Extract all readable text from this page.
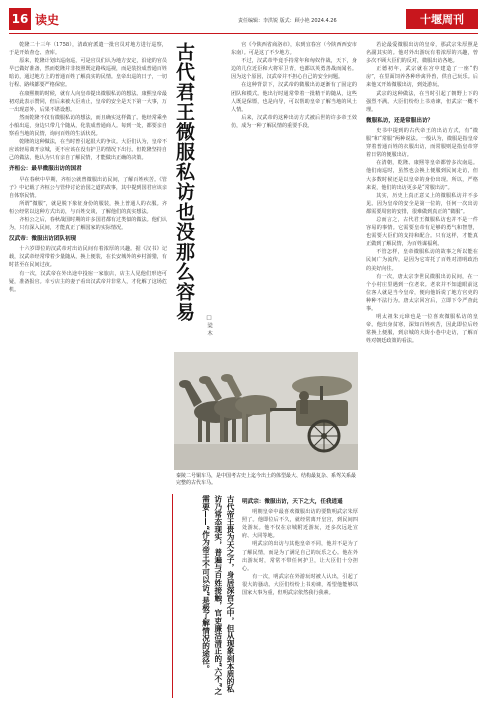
16 读史	责任编辑：李洪锐 版式：顾小艳 2024.4.26	十堰周刊

乾隆二十三年（1758），清政府派遣一批官员对地方进行巡察，于是开始查仓、查库。

原来，乾隆计划出巡南巡，可是官员们认为地方安定，沿途的官员早已做好准备，然而乾隆并非按照既定路线巡视，而是装扮成普通百姓暗访，通过地方上的普通百姓了解真实的民情。皇帝出巡的日子，一切行程、路线都要严格保密。

在康熙朝的时候，就有人向皇帝提出微服私访的想法。康熙皇帝最初对此表示赞同，但后来被大臣劝止，皇帝的安全是天下第一大事，万一出现意外，后果不堪设想。

然而乾隆不仅有微服私访的想法，而且确实这样做了。他经常乘坐小船出巡，身边只带几个随从，化装成普通商人。每到一处，都要亲自察看当地的民情，询问百姓的生活状况。

乾隆的这种做法，在当时曾引起很大的争议。大臣们认为，皇帝不应该轻易离开京城，更不应该在没有护卫的情况下出行。但乾隆坚持自己的做法，他认为只有亲自了解民情，才能做出正确的决策。

齐桓公：最早微服出访的国君

早在春秋中早期，齐桓公就曾微服出访民间，了解百姓疾苦。《管子》中记载了齐桓公与管仲讨论治国之道的故事，其中提到国君应该亲自体察民情。

所谓“微服”，就是脱下象征身份的服装，换上普通人的衣服。齐桓公经常以这种方式出访，与百姓交谈，了解他们的真实想法。

齐桓公之后，春秋战国时期的许多国君都有过类似的做法。他们认为，只有深入民间，才能真正了解国家的实际情况。

汉武帝：微服出访团队初现

十六岁即位的汉武帝对出访民间有着浓厚的兴趣。据《汉书》记载，汉武帝经常带着少量随从，换上便装，在长安城外的乡村游猎，有时甚至在民间过夜。

有一次，汉武帝在外出途中投宿一家旅店，店主人见他们形迹可疑，准备报官。幸亏店主的妻子看出汉武帝并非常人，才化解了这场危机。	古代君王微服私访也没那么容易
□ 梁 木

官《今陕西省商洛市》，东到宜春宫（今陕西西安市东南）。可是这了不少地方。

不过，汉武帝毕竟手持常年和匈奴作战，天下，身边的几位近臣和大将军卫青，也都以英勇善战而闻名。因为这个原因，汉武帝并不担心自己的安全问题。

在这种背景下，汉武帝的微服出访逐渐有了固定的团队和模式。他出行时通常带着一批精干的随从，这些人既是保镖，也是向导，可以帮助皇帝了解当地的风土人情。

后来，汉武帝的这种出访方式被后世的许多帝王效仿，成为一种了解民情的重要手段。

秦陵二号铜车马，是中国考古史上迄今出土的体型最大、结构最复杂、系驾关系最完整的古代车马。
古代帝王贵为天之子，身居深宫之中，但从现象到本质的私访乃常态现实，普遍与百姓接触，官吏廉洁清正的“六不”之需要——“作为帝王不可以访”是极了解情况的途径。	明武宗：微服出访，天下之大，任我逍遥

明朝皇帝中最喜欢微服出访的要数明武宗朱厚照了。他即位后不久，就经常离开皇宫，到民间四处游玩。他不仅在京城附近游玩，还多次远赴宣府、大同等地。

明武宗的出访与其他皇帝不同，他并不是为了了解民情，而是为了满足自己的玩乐之心。他在外出游玩时，常常不带任何护卫，让大臣们十分担心。

有一次，明武宗在外游玩时被人认出，引起了很大的骚动。大臣们纷纷上书劝谏，希望他能够以国家大事为重，但明武宗依然我行我素。

若论最爱微服出访的皇帝，那武宗朱厚照是名副其实的。他对外出游玩有着浓厚的兴趣，曾多次不顾大臣们的反对，微服出访各地。

正德初年，武宗就在宫中建造了一座“豹房”，在里面饲养各种珍禽异兽，供自己玩乐。后来他又开始微服出访，到处游玩。

武宗的这种做法，在当时引起了朝野上下的强烈不满。大臣们纷纷上书劝谏，但武宗一概不理。

微服私访，还是常服出访？

史书中提到的古代帝王的出访方式，有“微服”和“常服”两种说法。一般认为，微服是指皇帝穿着普通百姓的衣服出访，而常服则是指皇帝穿着日常的便服出访。

在清朝，乾隆、康熙等皇帝都曾多次南巡。他们南巡时，虽然也会换上便服到民间走访，但大多数时候还是以皇帝的身份出现。所以，严格来说，他们的出访更多是“常服出访”。

其实，历史上真正意义上的微服私访并不多见。因为皇帝的安全是第一位的，任何一次出访都需要周密的安排，很难做到真正的“微服”。

总而言之，古代君王微服私访也并不是一件容易的事情。它需要皇帝有足够的勇气和智慧，也需要大臣们的支持和配合。只有这样，才能真正做到了解民情，为百姓谋福利。

不管怎样，皇帝微服私访的故事之所以能在民间广为流传，是因为它寄托了百姓对清明政治的美好向往。

有一次，唐太宗李世民微服出访民间，在一个小村庄里遇到一位老农。老农并不知道眼前这位客人就是当今皇帝，便向他诉说了地方官吏的种种不法行为。唐太宗回宫后，立即下令严查此事。

明太祖朱元璋也是一位喜欢微服私访的皇帝。他出身贫寒，深知百姓疾苦，因此即位后经常换上便服，到京城的大街小巷中走访，了解百姓对朝廷政策的看法。
